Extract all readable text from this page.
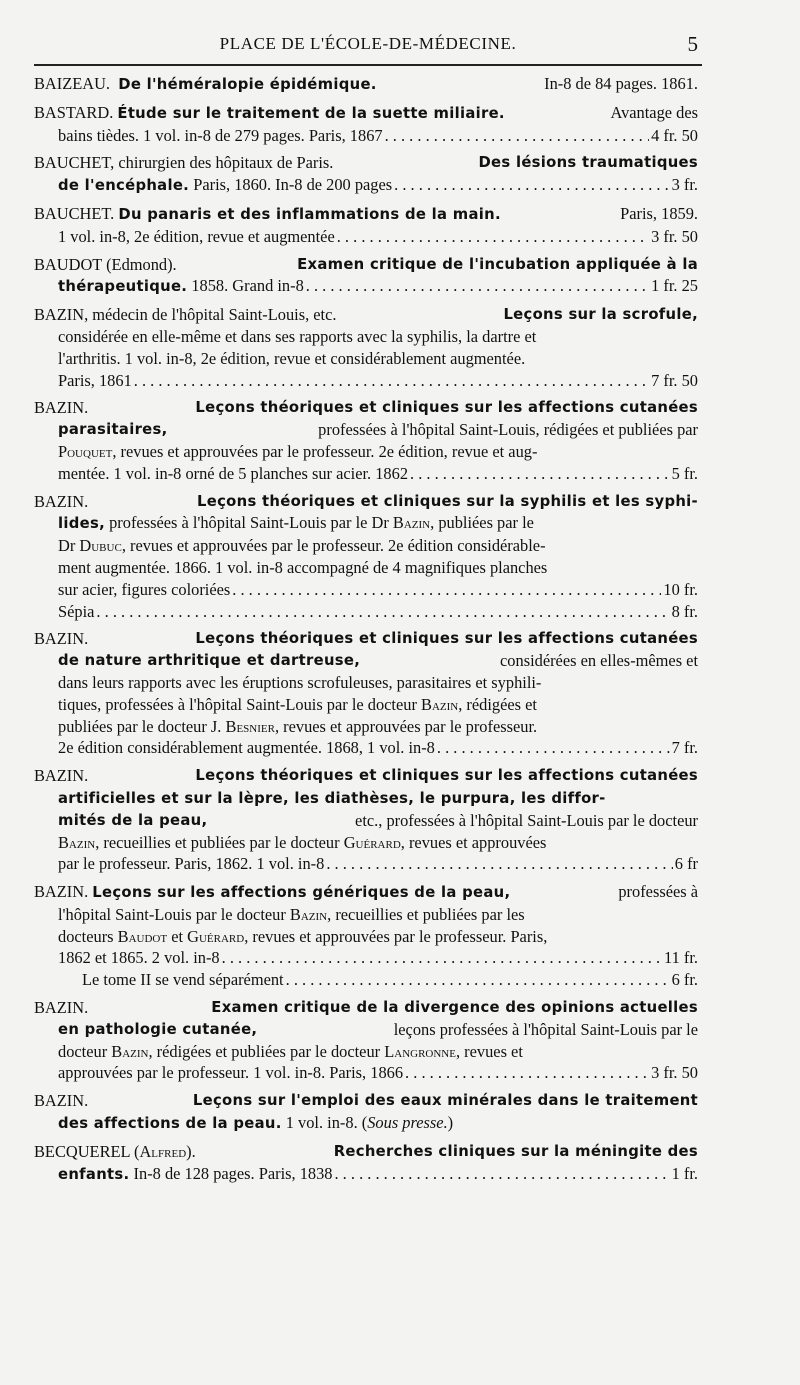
PLACE DE L'ÉCOLE-DE-MÉDECINE.	5
BAIZEAU. De l'héméralopie épidémique.	In-8 de 84 pages. 1861.
BASTARD. Étude sur le traitement de la suette miliaire.	Avantage des
bains tièdes. 1 vol. in-8 de 279 pages. Paris, 1867 . . .	4 fr. 50
BAUCHET, chirurgien des hôpitaux de Paris.	Des lésions traumatiques
de l'encéphale.
Paris, 1860. In-8 de 200 pages . . .	3 fr.
BAUCHET. Du panaris et des inflammations de la main.	Paris, 1859.
1 vol. in-8, 2e édition, revue et augmentée . . .	3 fr. 50
BAUDOT (Edmond).	Examen critique de l'incubation appliquée à la
thérapeutique.
1858. Grand in-8 . . .	1 fr. 25
BAZIN, médecin de l'hôpital Saint-Louis, etc.	Leçons sur la scrofule,
considérée en elle-même et dans ses rapports avec la syphilis, la dartre et
l'arthritis. 1 vol. in-8, 2e édition, revue et considérablement augmentée.
Paris, 1861 . . .	7 fr. 50
BAZIN.	Leçons théoriques et cliniques sur les affections cutanées
parasitaires,	professées à l'hôpital Saint-Louis, rédigées et publiées par
Pouquet, revues et approuvées par le professeur. 2e édition, revue et aug-
mentée. 1 vol. in-8 orné de 5 planches sur acier. 1862 . . .	5 fr.
BAZIN.	Leçons théoriques et cliniques sur la syphilis et les syphi-
lides, professées à l'hôpital Saint-Louis par le Dr Bazin, publiées par le
Dr Dubuc, revues et approuvées par le professeur. 2e édition considérable-
ment augmentée. 1866. 1 vol. in-8 accompagné de 4 magnifiques planches
sur acier, figures coloriées . . .	10 fr.
Sépia . . .	8 fr.
BAZIN.	Leçons théoriques et cliniques sur les affections cutanées
de nature arthritique et dartreuse,	considérées en elles-mêmes et
dans leurs rapports avec les éruptions scrofuleuses, parasitaires et syphili-
tiques, professées à l'hôpital Saint-Louis par le docteur Bazin, rédigées et
publiées par le docteur J. Besnier, revues et approuvées par le professeur.
2e édition considérablement augmentée. 1868, 1 vol. in-8 . . .	7 fr.
BAZIN.	Leçons théoriques et cliniques sur les affections cutanées
artificielles et sur la lèpre, les diathèses, le purpura, les diffor-
mités de la peau,	etc., professées à l'hôpital Saint-Louis par le docteur
Bazin, recueillies et publiées par le docteur Guérard, revues et approuvées
par le professeur. Paris, 1862. 1 vol. in-8 . . .	6 fr
BAZIN. Leçons sur les affections génériques de la peau,	professées à
l'hôpital Saint-Louis par le docteur Bazin, recueillies et publiées par les
docteurs Baudot et Guérard, revues et approuvées par le professeur. Paris,
1862 et 1865. 2 vol. in-8 . . .	11 fr.
Le tome II se vend séparément . . .	6 fr.
BAZIN.	Examen critique de la divergence des opinions actuelles
en pathologie cutanée,	leçons professées à l'hôpital Saint-Louis par le
docteur Bazin, rédigées et publiées par le docteur Langronne, revues et
approuvées par le professeur. 1 vol. in-8. Paris, 1866 . . .	3 fr. 50
BAZIN.	Leçons sur l'emploi des eaux minérales dans le traitement
des affections de la peau. 1 vol. in-8. (Sous presse.)
BECQUEREL (Alfred).	Recherches cliniques sur la méningite des
enfants.
In-8 de 128 pages. Paris, 1838 . . .	1 fr.
